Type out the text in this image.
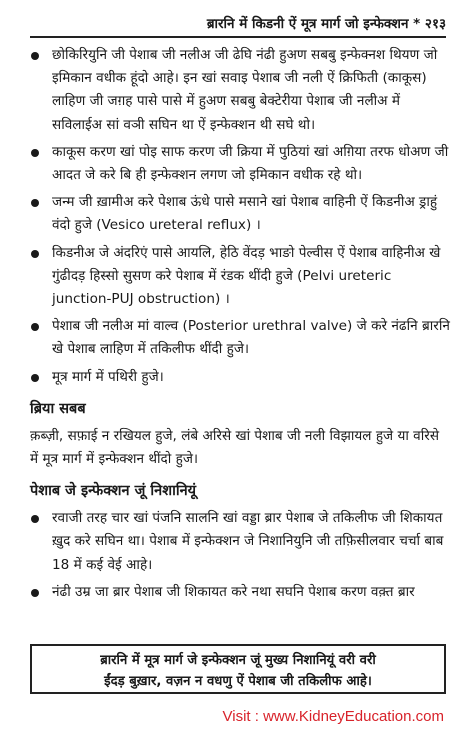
ब्रारनि में किडनी ऐं मूत्र मार्ग जो इन्फेक्शन * २१३
छोकिरियुनि जी पेशाब जी नलीअ जी ढेघि नंढी हुअण सबबु इन्फेक्नश थियण जो इमिकान वधीक हूंदो आहे। इन खां सवाइ पेशाब जी नली ऐं क्रिफिती (काकूस) लाहिण जी जग़ह पासे पासे में हुअण सबबु बेक्टेरीया पेशाब जी नलीअ में सविलाईअ सां वञी सघिन था ऐं इन्फेक्शन थी सघे थो।
काकूस करण खां पोइ साफ करण जी क्रिया में पुठियां खां अग़िया तरफ धोअण जी आदत जे करे बि ही इन्फेक्शन लगण जो इमिकान वधीक रहे थो।
जन्म जी ख़ामीअ करे पेशाब ऊंधे पासे मसाने खां पेशाब वाहिनी ऐं किडनीअ ड्राहुं वंदो हुजे (Vesico ureteral reflux) ।
किडनीअ जे अंदरिएं पासे आयलि, हेठि वेंदड़ भाङो पेल्वीस ऐं पेशाब वाहिनीअ खे गुंढीदड़ हिस्सो सुसण करे पेशाब में रंडक थींदी हुजे (Pelvi ureteric junction-PUJ obstruction) ।
पेशाब जी नलीअ मां वाल्व (Posterior urethral valve) जे करे नंढनि ब्रारनि खे पेशाब लाहिण में तकिलीफ थींदी हुजे।
मूत्र मार्ग में पथिरी हुजे।
ब्रिया सबब

क़ब्ज़ी, सफ़ाई न रखियल हुजे, लंबे अरिसे खां पेशाब जी नली विझायल हुजे या वरिसे में मूत्र मार्ग में इन्फेक्शन थींदो हुजे।

पेशाब जे इन्फेक्शन जूं निशानियूं
रवाजी तरह चार खां पंजनि सालनि खां वड्डा ब्रार पेशाब जे तकिलीफ जी शिकायत ख़ुद करे सघिन था। पेशाब में इन्फेक्शन जे निशानियुनि जी तफ़िसीलवार चर्चा बाब 18 में कई वेई आहे।
नंढी उम्र जा ब्रार पेशाब जी शिकायत करे नथा सघनि पेशाब करण वक़्त ब्रार
ब्रारनि में मूत्र मार्ग जे इन्फेक्शन जूं मुख्य निशानियूं वरी वरी
ईंदड़ बुख़ार, वज़न न वधणु ऐं पेशाब जी तकिलीफ आहे।
Visit : www.KidneyEducation.com
